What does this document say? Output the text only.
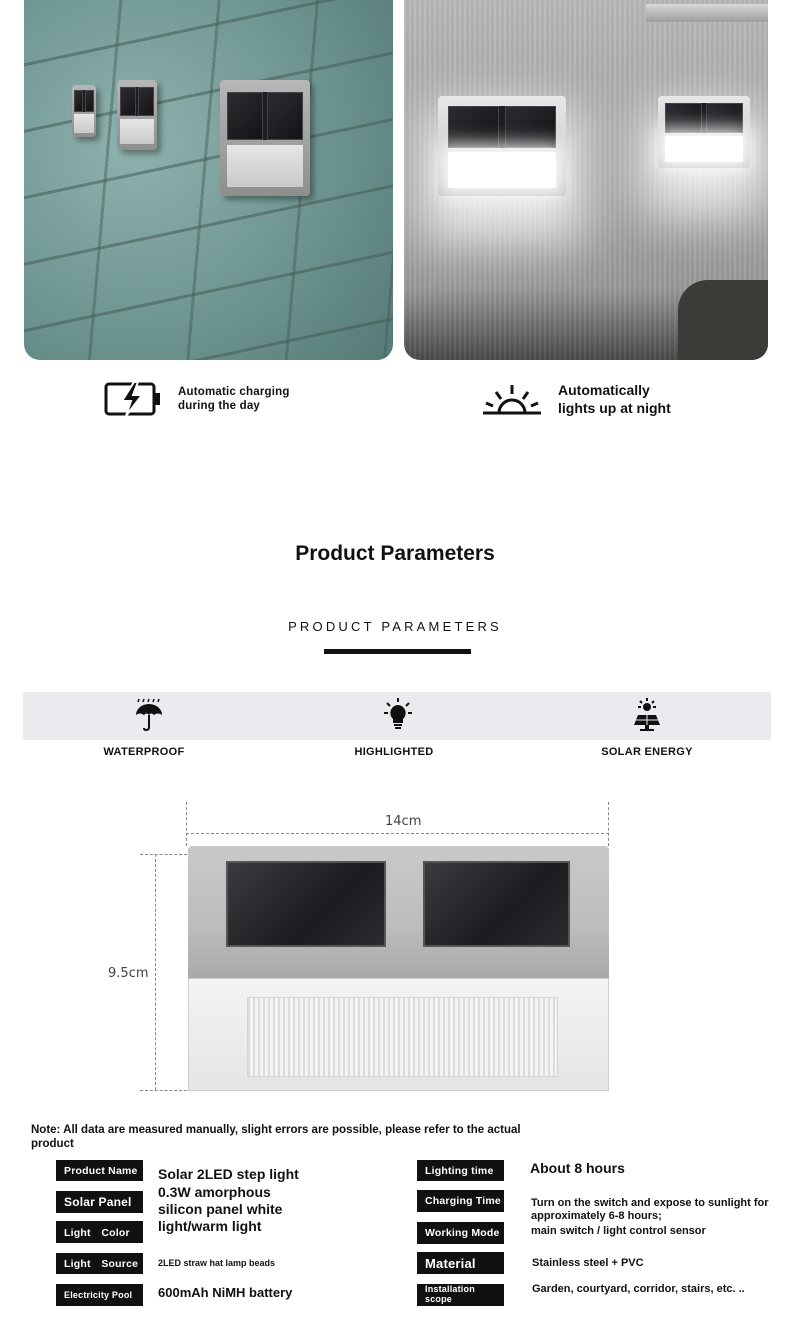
Automatic charging during the day
Automatically lights up at night
Product Parameters
PRODUCT PARAMETERS
WATERPROOF	HIGHLIGHTED	SOLAR ENERGY
14cm
9.5cm
Note: All data are measured manually, slight errors are possible, please refer to the actual product
Product Name
Solar Panel
Light　Color
Light　Source
Electricity Pool
Solar 2LED step light
0.3W amorphous silicon panel white light/warm light
2LED straw hat lamp beads
600mAh NiMH battery
Lighting time
Charging Time
Working Mode
Material
Installation scope
About 8 hours
Turn on the switch and expose to sunlight for approximately 6-8 hours;
main switch / light control sensor
Stainless steel + PVC
Garden, courtyard, corridor, stairs, etc. ..
